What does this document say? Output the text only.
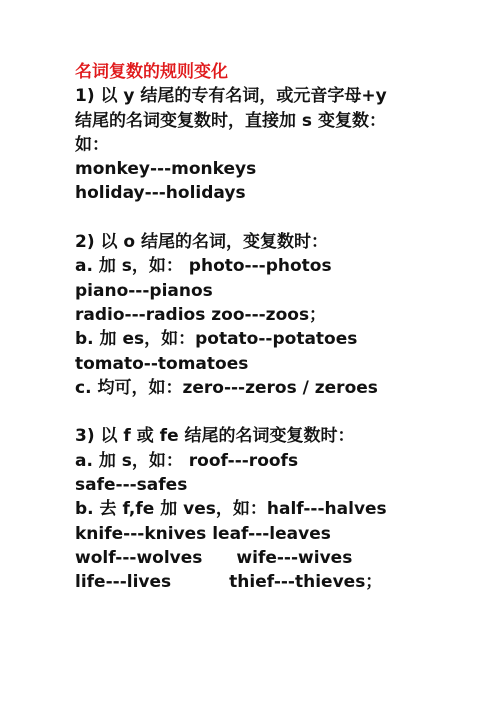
名词复数的规则变化
1) 以 y 结尾的专有名词，或元音字母+y
结尾的名词变复数时，直接加 s 变复数：
如：
monkey---monkeys
holiday---holidays
2) 以 o 结尾的名词，变复数时：
a. 加 s，如： photo---photos
piano---pianos
radio---radios zoo---zoos；
b. 加 es，如：potato--potatoes
tomato--tomatoes
c. 均可，如：zero---zeros / zeroes
3) 以 f 或 fe 结尾的名词变复数时：
a. 加 s，如： roof---roofs
safe---safes
b. 去 f,fe 加 ves，如：half---halves
knife---knives leaf---leaves
wolf---wolves wife---wives
life---lives	thief---thieves；
